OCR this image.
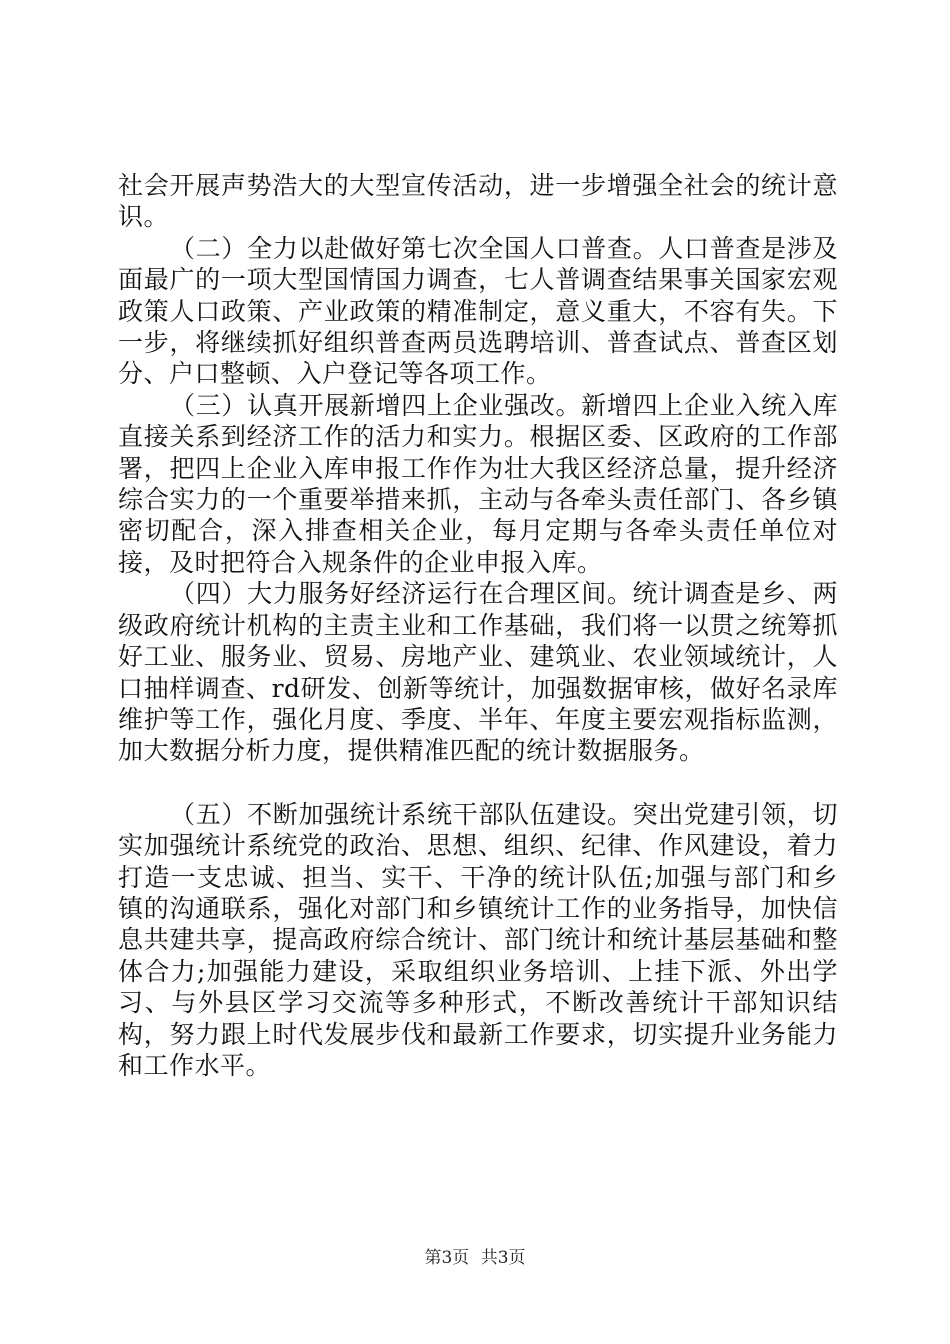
社会开展声势浩大的大型宣传活动，进一步增强全社会的统计意识。

（二）全力以赴做好第七次全国人口普查。人口普查是涉及面最广的一项大型国情国力调查，七人普调查结果事关国家宏观政策人口政策、产业政策的精准制定，意义重大，不容有失。下一步，将继续抓好组织普查两员选聘培训、普查试点、普查区划分、户口整顿、入户登记等各项工作。

（三）认真开展新增四上企业强改。新增四上企业入统入库直接关系到经济工作的活力和实力。根据区委、区政府的工作部署，把四上企业入库申报工作作为壮大我区经济总量，提升经济综合实力的一个重要举措来抓，主动与各牵头责任部门、各乡镇密切配合，深入排查相关企业，每月定期与各牵头责任单位对接，及时把符合入规条件的企业申报入库。

（四）大力服务好经济运行在合理区间。统计调查是乡、两级政府统计机构的主责主业和工作基础，我们将一以贯之统筹抓好工业、服务业、贸易、房地产业、建筑业、农业领域统计，人口抽样调查、rd研发、创新等统计，加强数据审核，做好名录库维护等工作，强化月度、季度、半年、年度主要宏观指标监测，加大数据分析力度，提供精准匹配的统计数据服务。

（五）不断加强统计系统干部队伍建设。突出党建引领，切实加强统计系统党的政治、思想、组织、纪律、作风建设，着力打造一支忠诚、担当、实干、干净的统计队伍;加强与部门和乡镇的沟通联系，强化对部门和乡镇统计工作的业务指导，加快信息共建共享，提高政府综合统计、部门统计和统计基层基础和整体合力;加强能力建设，采取组织业务培训、上挂下派、外出学习、与外县区学习交流等多种形式，不断改善统计干部知识结构，努力跟上时代发展步伐和最新工作要求，切实提升业务能力和工作水平。

第3页 共3页
